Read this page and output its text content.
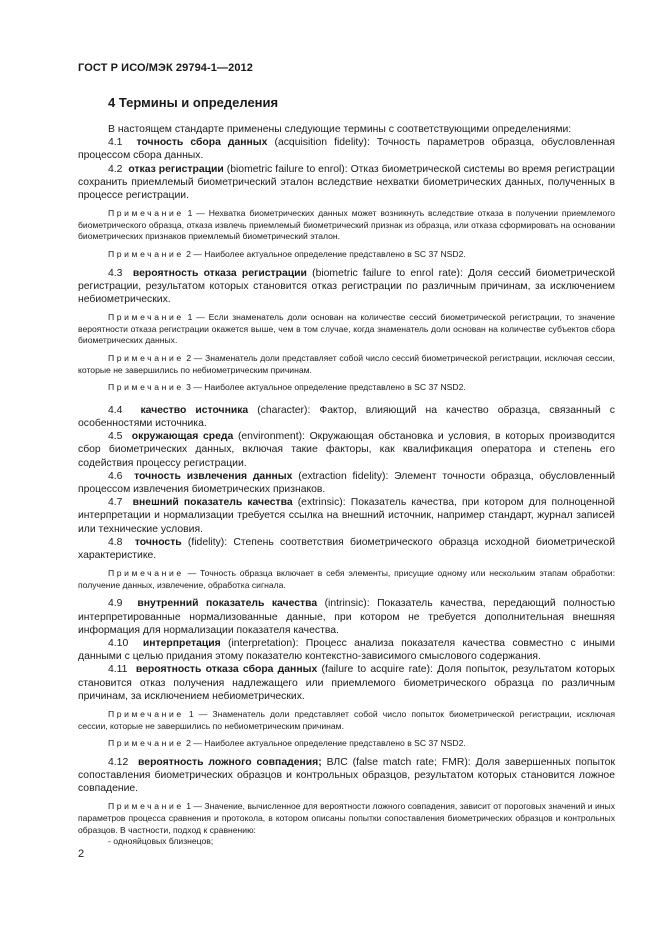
ГОСТ Р ИСО/МЭК 29794-1—2012
4 Термины и определения

В настоящем стандарте применены следующие термины с соответствующими определениями:

4.1 точность сбора данных (acquisition fidelity): Точность параметров образца, обусловленная процессом сбора данных.

4.2 отказ регистрации (biometric failure to enrol): Отказ биометрической системы во время регистрации сохранить приемлемый биометрический эталон вследствие нехватки биометрических данных, полученных в процессе регистрации.

Примечание 1 — Нехватка биометрических данных может возникнуть вследствие отказа в получении приемлемого биометрического образца, отказа извлечь приемлемый биометрический признак из образца, или отказа сформировать на основании биометрических признаков приемлемый биометрический эталон.

Примечание 2 — Наиболее актуальное определение представлено в SC 37 NSD2.

4.3 вероятность отказа регистрации (biometric failure to enrol rate): Доля сессий биометрической регистрации, результатом которых становится отказ регистрации по различным причинам, за исключением небиометрических.

Примечание 1 — Если знаменатель доли основан на количестве сессий биометрической регистрации, то значение вероятности отказа регистрации окажется выше, чем в том случае, когда знаменатель доли основан на количестве субъектов сбора биометрических данных.

Примечание 2 — Знаменатель доли представляет собой число сессий биометрической регистрации, исключая сессии, которые не завершились по небиометрическим причинам.

Примечание 3 — Наиболее актуальное определение представлено в SC 37 NSD2.

4.4 качество источника (character): Фактор, влияющий на качество образца, связанный с особенностями источника.

4.5 окружающая среда (environment): Окружающая обстановка и условия, в которых производится сбор биометрических данных, включая такие факторы, как квалификация оператора и степень его содействия процессу регистрации.

4.6 точность извлечения данных (extraction fidelity): Элемент точности образца, обусловленный процессом извлечения биометрических признаков.

4.7 внешний показатель качества (extrinsic): Показатель качества, при котором для полноценной интерпретации и нормализации требуется ссылка на внешний источник, например стандарт, журнал записей или технические условия.

4.8 точность (fidelity): Степень соответствия биометрического образца исходной биометрической характеристике.

Примечание — Точность образца включает в себя элементы, присущие одному или нескольким этапам обработки: получение данных, извлечение, обработка сигнала.

4.9 внутренний показатель качества (intrinsic): Показатель качества, передающий полностью интерпретированные нормализованные данные, при котором не требуется дополнительная внешняя информация для нормализации показателя качества.

4.10 интерпретация (interpretation): Процесс анализа показателя качества совместно с иными данными с целью придания этому показателю контекстно-зависимого смыслового содержания.

4.11 вероятность отказа сбора данных (failure to acquire rate): Доля попыток, результатом которых становится отказ получения надлежащего или приемлемого биометрического образца по различным причинам, за исключением небиометрических.

Примечание 1 — Знаменатель доли представляет собой число попыток биометрической регистрации, исключая сессии, которые не завершились по небиометрическим причинам.

Примечание 2 — Наиболее актуальное определение представлено в SC 37 NSD2.

4.12 вероятность ложного совпадения; ВЛС (false match rate; FMR): Доля завершенных попыток сопоставления биометрических образцов и контрольных образцов, результатом которых становится ложное совпадение.

Примечание 1 — Значение, вычисленное для вероятности ложного совпадения, зависит от пороговых значений и иных параметров процесса сравнения и протокола, в котором описаны попытки сопоставления биометрических образцов и контрольных образцов. В частности, подход к сравнению:

- однояйцовых близнецов;

2
